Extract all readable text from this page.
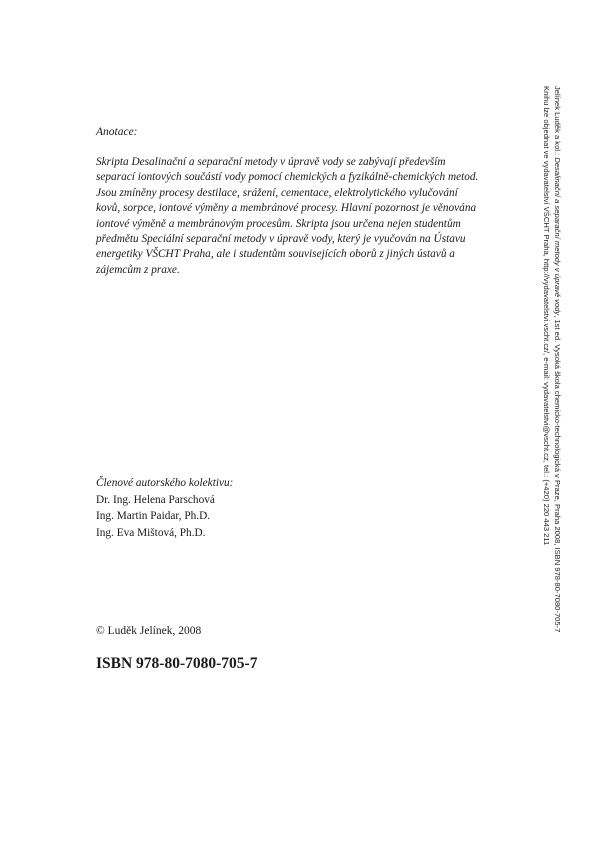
Anotace:
Skripta Desalinační a separační metody v úpravě vody se zabývají především
separací iontových součástí vody pomocí chemických a fyzikálně-chemických metod.
Jsou zmíněny procesy destilace, srážení, cementace, elektrolytického vylučování
kovů, sorpce, iontové výměny a membránové procesy. Hlavní pozornost je věnována
iontové výměně a membránovým procesům. Skripta jsou určena nejen studentům
předmětu Speciální separační metody v úpravě vody, který je vyučován na Ústavu
energetiky VŠCHT Praha, ale i studentům souvisejících oborů z jiných ústavů a
zájemcům z praxe.
Členové autorského kolektivu:
Dr. Ing. Helena Parschová
Ing. Martin Paidar, Ph.D.
Ing. Eva Mištová, Ph.D.
© Luděk Jelínek, 2008
ISBN 978-80-7080-705-7
Jelínek Luděk a kol.: Desalinační a separační metody v úpravě vody, 1st ed. Vysoká škola chemicko-technologická v Praze, Praha 2008, ISBN 978-80-7080-705-7
Knihu lze objednat ve vydavatelství VŠCHT Praha, http://vydavatelstvi.vscht.cz/, e-mail: vydavatelstvi@vscht.cz, tel.: (+420) 220 443 211
